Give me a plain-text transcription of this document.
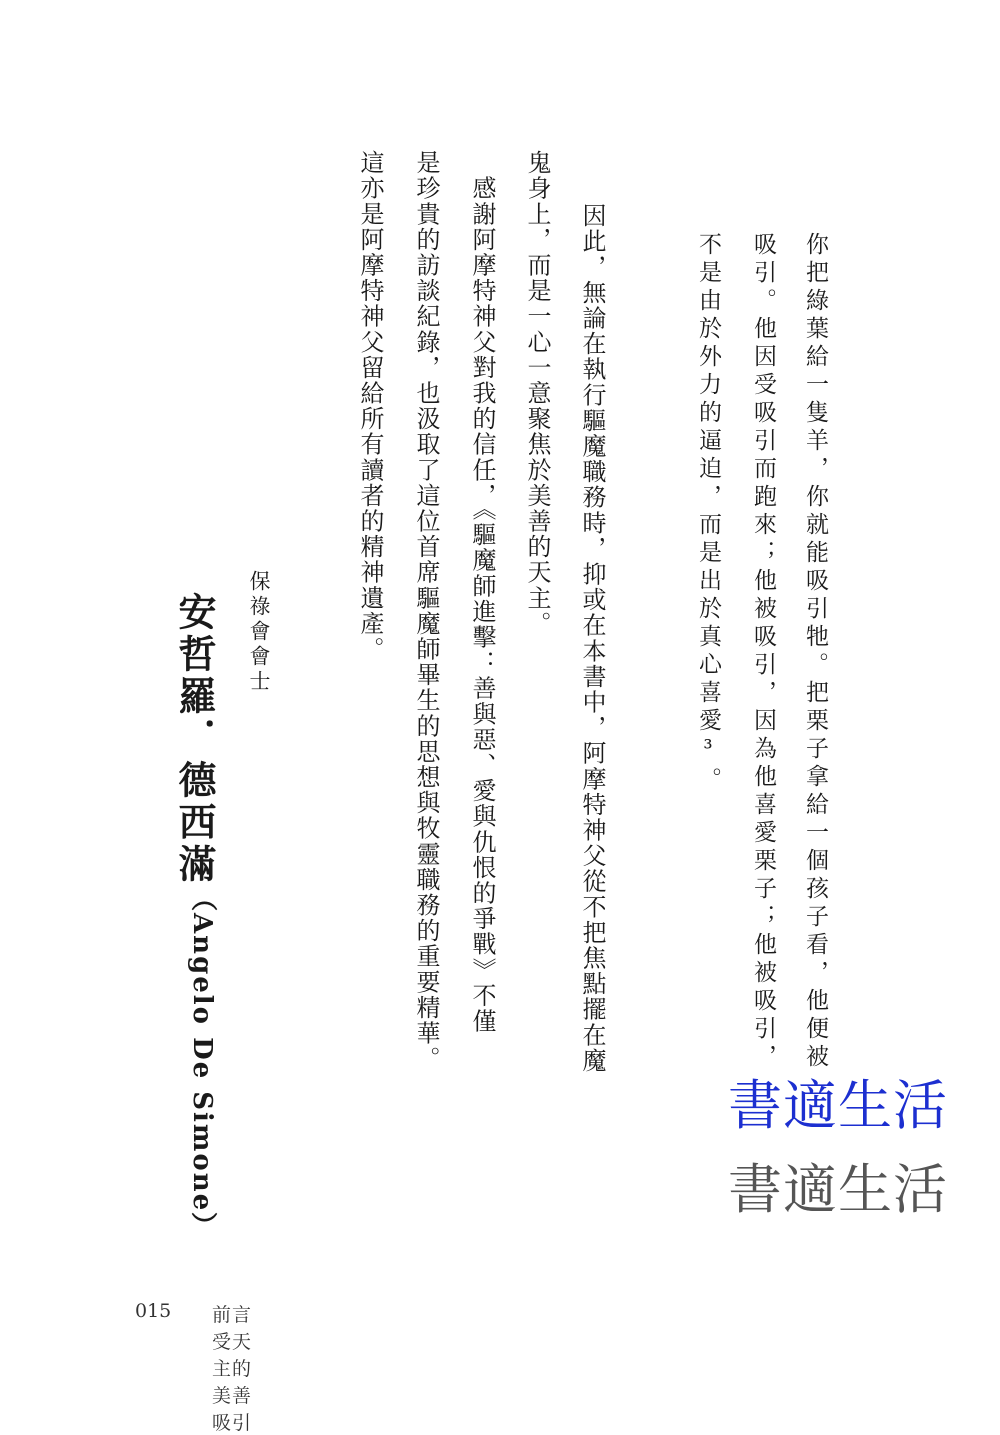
你把綠葉給一隻羊，你就能吸引牠。把栗子拿給一個孩子看，他便被
吸引。他因受吸引而跑來；他被吸引，因為他喜愛栗子；他被吸引，
不是由於外力的逼迫，而是出於真心喜愛³。
因此，無論在執行驅魔職務時，抑或在本書中，阿摩特神父從不把焦點擺在魔
鬼身上，而是一心一意聚焦於美善的天主。
　感謝阿摩特神父對我的信任，《驅魔師進擊：善與惡、愛與仇恨的爭戰》不僅
是珍貴的訪談紀錄，也汲取了這位首席驅魔師畢生的思想與牧靈職務的重要精華。
這亦是阿摩特神父留給所有讀者的精神遺產。
保祿會會士
安哲羅．德西滿
（Angelo De Simone）	書適生活
書適生活
015 前言　受天主的美善吸引
